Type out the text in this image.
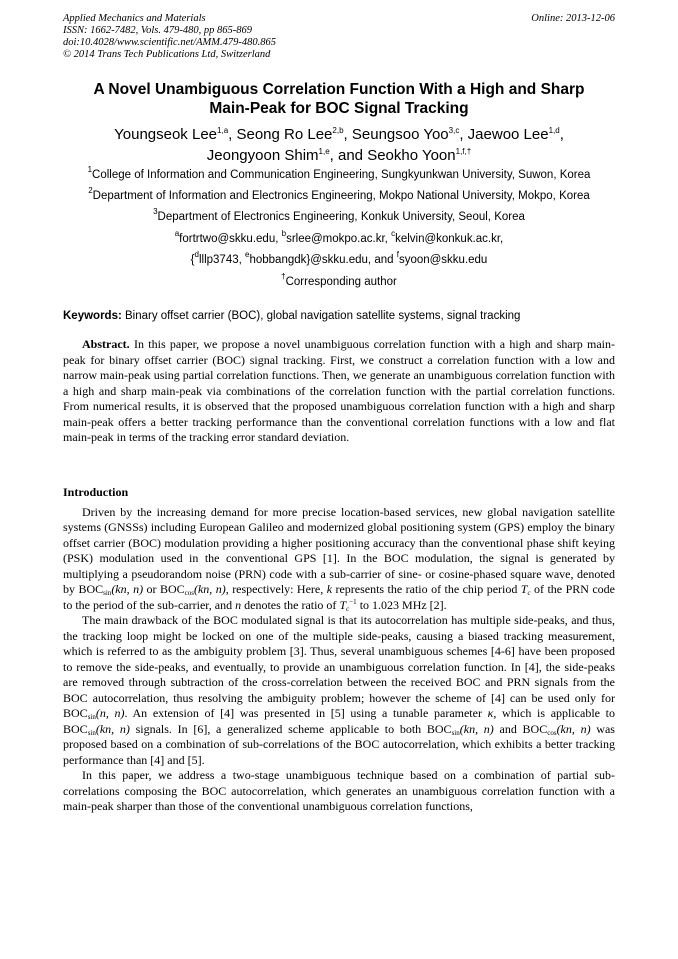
Applied Mechanics and Materials
ISSN: 1662-7482, Vols. 479-480, pp 865-869
doi:10.4028/www.scientific.net/AMM.479-480.865
© 2014 Trans Tech Publications Ltd, Switzerland
Online: 2013-12-06
A Novel Unambiguous Correlation Function With a High and Sharp
Main-Peak for BOC Signal Tracking
Youngseok Lee$^{1,a}$, Seong Ro Lee$^{2,b}$, Seungsoo Yoo$^{3,c}$, Jaewoo Lee$^{1,d}$,
Jeongyoon Shim$^{1,e}$, and Seokho Yoon$^{1,f,\dagger}$
$^1$College of Information and Communication Engineering, Sungkyunkwan University, Suwon, Korea
$^2$Department of Information and Electronics Engineering, Mokpo National University, Mokpo, Korea
$^3$Department of Electronics Engineering, Konkuk University, Seoul, Korea
$^a$fortrtwo@skku.edu, $^b$srlee@mokpo.ac.kr, $^c$kelvin@konkuk.ac.kr,
{$^d$lllp3743, $^e$hobbangdk}@skku.edu, and $^f$syoon@skku.edu
†Corresponding author
Keywords: Binary offset carrier (BOC), global navigation satellite systems, signal tracking

Abstract. In this paper, we propose a novel unambiguous correlation function with a high and sharp main-peak for binary offset carrier (BOC) signal tracking. First, we construct a correlation function with a low and narrow main-peak using partial correlation functions. Then, we generate an unambiguous correlation function with a high and sharp main-peak via combinations of the correlation function with the partial correlation functions. From numerical results, it is observed that the proposed unambiguous correlation function with a high and sharp main-peak offers a better tracking performance than the conventional correlation functions with a low and flat main-peak in terms of the tracking error standard deviation.

Introduction

Driven by the increasing demand for more precise location-based services, new global navigation satellite systems (GNSSs) including European Galileo and modernized global positioning system (GPS) employ the binary offset carrier (BOC) modulation providing a higher positioning accuracy than the conventional phase shift keying (PSK) modulation used in the conventional GPS [1]. In the BOC modulation, the signal is generated by multiplying a pseudorandom noise (PRN) code with a sub-carrier of sine- or cosine-phased square wave, denoted by $BOC_{sin}(kn$, n) or $BOC_{cos}(kn$, n), respectively: Here, k represents the ratio of the chip period $T_c$ of the PRN code to the period of the sub-carrier, and n denotes the ratio of $T_c^{-1}$ to 1.023 MHz [2].

The main drawback of the BOC modulated signal is that its autocorrelation has multiple side-peaks, and thus, the tracking loop might be locked on one of the multiple side-peaks, causing a biased tracking measurement, which is referred to as the ambiguity problem [3]. Thus, several unambiguous schemes [4-6] have been proposed to remove the side-peaks, and eventually, to provide an unambiguous correlation function. In [4], the side-peaks are removed through subtraction of the cross-correlation between the received BOC and PRN signals from the BOC autocorrelation, thus resolving the ambiguity problem; however the scheme of [4] can be used only for $BOC_{sin}(n$, n). An extension of [4] was presented in [5] using a tunable parameter κ, which is applicable to $BOC_{sin}(kn$, n) signals. In [6], a generalized scheme applicable to both $BOC_{sin}(kn$, n) and $BOC_{cos}(kn$, n) was proposed based on a combination of sub-correlations of the BOC autocorrelation, which exhibits a better tracking performance than [4] and [5].

In this paper, we address a two-stage unambiguous technique based on a combination of partial sub-correlations composing the BOC autocorrelation, which generates an unambiguous correlation function with a main-peak sharper than those of the conventional unambiguous correlation functions,
